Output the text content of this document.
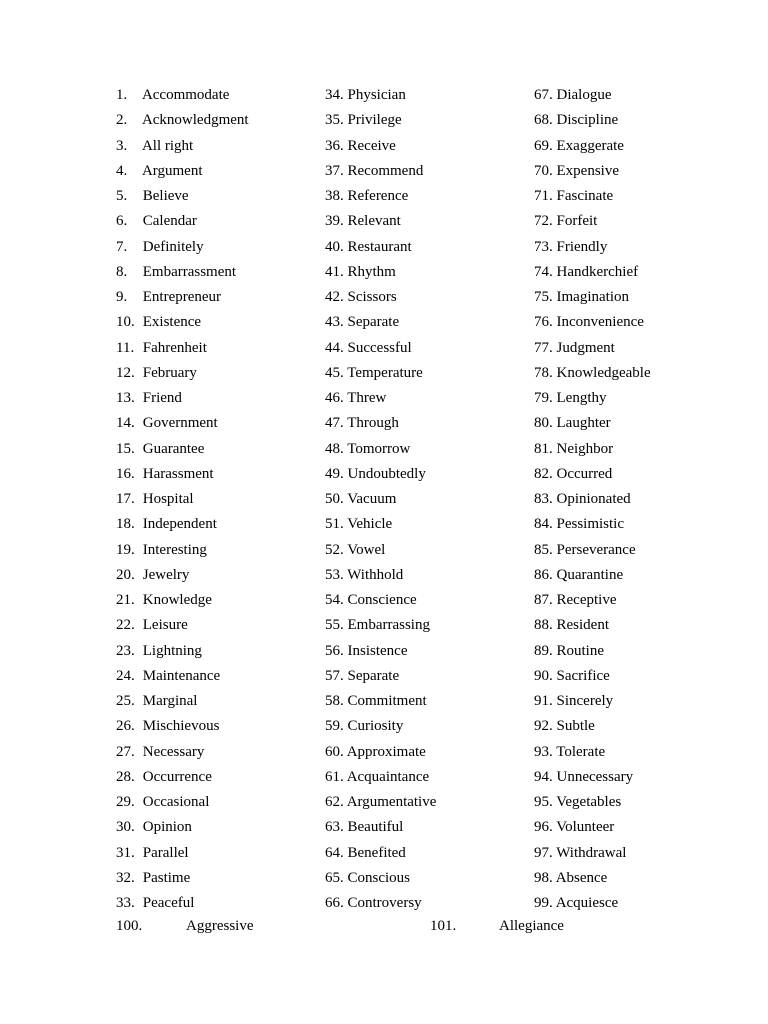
1. Accommodate
2. Acknowledgment
3. All right
4. Argument
5. Believe
6. Calendar
7. Definitely
8. Embarrassment
9. Entrepreneur
10. Existence
11. Fahrenheit
12. February
13. Friend
14. Government
15. Guarantee
16. Harassment
17. Hospital
18. Independent
19. Interesting
20. Jewelry
21. Knowledge
22. Leisure
23. Lightning
24. Maintenance
25. Marginal
26. Mischievous
27. Necessary
28. Occurrence
29. Occasional
30. Opinion
31. Parallel
32. Pastime
33. Peaceful
34. Physician
35. Privilege
36. Receive
37. Recommend
38. Reference
39. Relevant
40. Restaurant
41. Rhythm
42. Scissors
43. Separate
44. Successful
45. Temperature
46. Threw
47. Through
48. Tomorrow
49. Undoubtedly
50. Vacuum
51. Vehicle
52. Vowel
53. Withhold
54. Conscience
55. Embarrassing
56. Insistence
57. Separate
58. Commitment
59. Curiosity
60. Approximate
61. Acquaintance
62. Argumentative
63. Beautiful
64. Benefited
65. Conscious
66. Controversy
67. Dialogue
68. Discipline
69. Exaggerate
70. Expensive
71. Fascinate
72. Forfeit
73. Friendly
74. Handkerchief
75. Imagination
76. Inconvenience
77. Judgment
78. Knowledgeable
79. Lengthy
80. Laughter
81. Neighbor
82. Occurred
83. Opinionated
84. Pessimistic
85. Perseverance
86. Quarantine
87. Receptive
88. Resident
89. Routine
90. Sacrifice
91. Sincerely
92. Subtle
93. Tolerate
94. Unnecessary
95. Vegetables
96. Volunteer
97. Withdrawal
98. Absence
99. Acquiesce
100.	Aggressive	101.	Allegiance
